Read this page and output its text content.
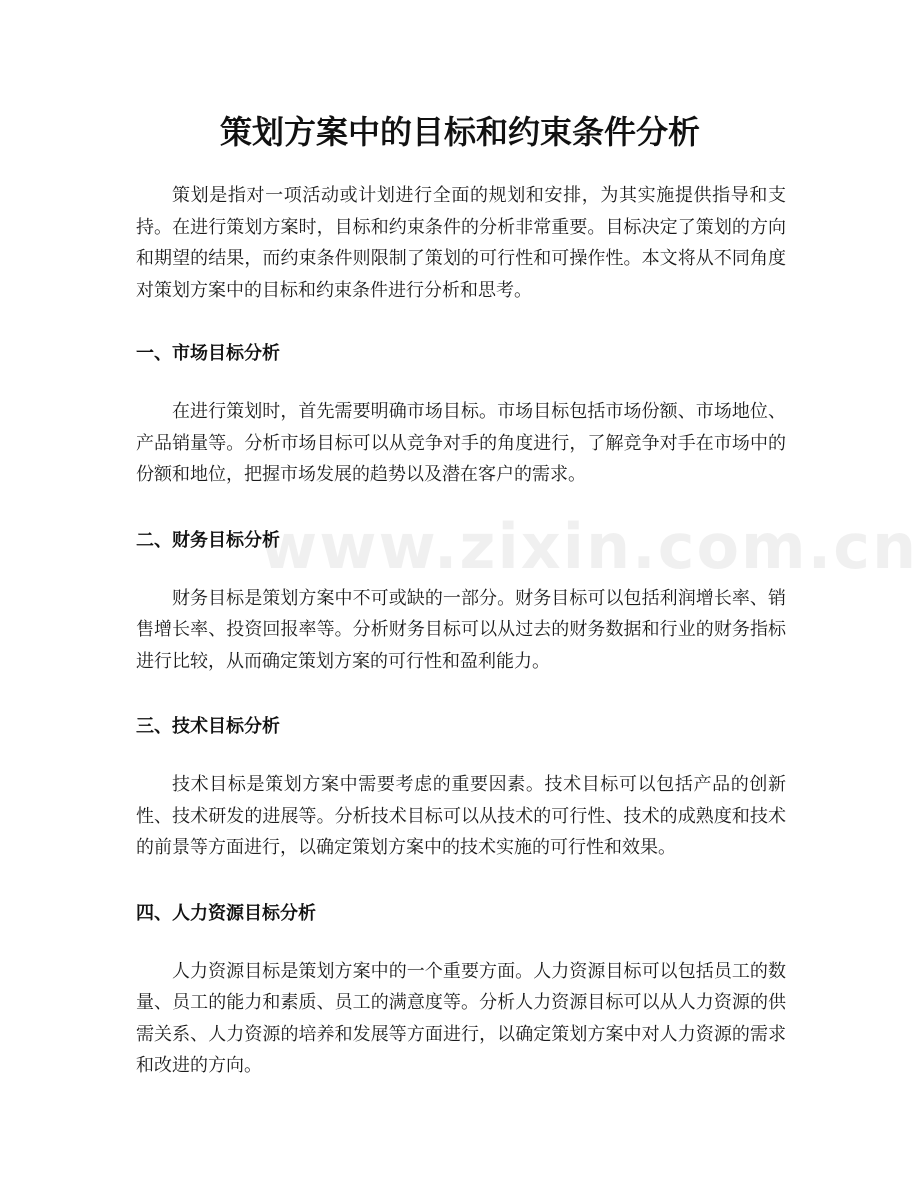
策划方案中的目标和约束条件分析

策划是指对一项活动或计划进行全面的规划和安排，为其实施提供指导和支持。在进行策划方案时，目标和约束条件的分析非常重要。目标决定了策划的方向和期望的结果，而约束条件则限制了策划的可行性和可操作性。本文将从不同角度对策划方案中的目标和约束条件进行分析和思考。

一、市场目标分析

在进行策划时，首先需要明确市场目标。市场目标包括市场份额、市场地位、产品销量等。分析市场目标可以从竞争对手的角度进行，了解竞争对手在市场中的份额和地位，把握市场发展的趋势以及潜在客户的需求。

二、财务目标分析

财务目标是策划方案中不可或缺的一部分。财务目标可以包括利润增长率、销售增长率、投资回报率等。分析财务目标可以从过去的财务数据和行业的财务指标进行比较，从而确定策划方案的可行性和盈利能力。

三、技术目标分析

技术目标是策划方案中需要考虑的重要因素。技术目标可以包括产品的创新性、技术研发的进展等。分析技术目标可以从技术的可行性、技术的成熟度和技术的前景等方面进行，以确定策划方案中的技术实施的可行性和效果。

四、人力资源目标分析

人力资源目标是策划方案中的一个重要方面。人力资源目标可以包括员工的数量、员工的能力和素质、员工的满意度等。分析人力资源目标可以从人力资源的供需关系、人力资源的培养和发展等方面进行，以确定策划方案中对人力资源的需求和改进的方向。

www.zixin.com.cn
